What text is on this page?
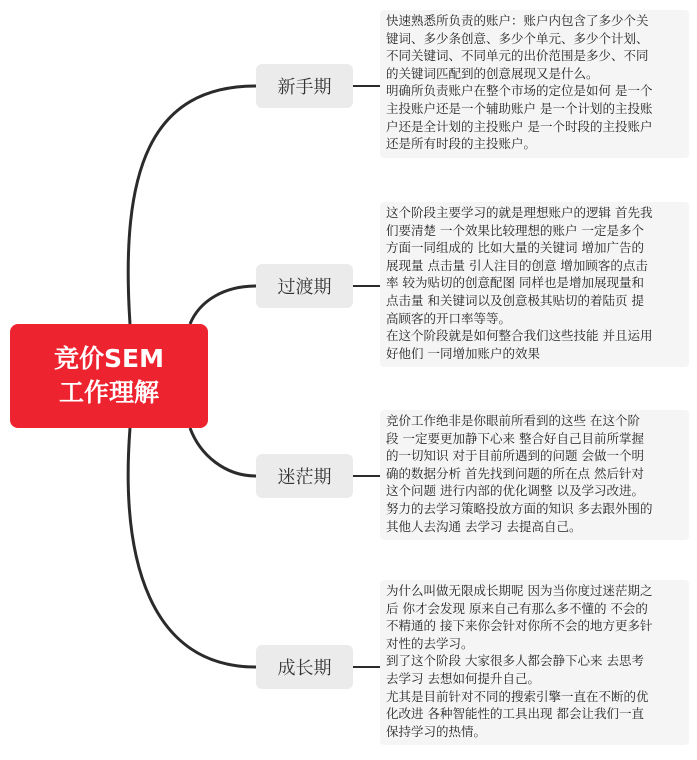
竞价SEM
工作理解
新手期

快速熟悉所负责的账户：账户内包含了多少个关
键词、多少条创意、多少个单元、多少个计划、
不同关键词、不同单元的出价范围是多少、不同
的关键词匹配到的创意展现又是什么。

明确所负责账户在整个市场的定位是如何 是一个
主投账户还是一个辅助账户 是一个计划的主投账
户还是全计划的主投账户 是一个时段的主投账户
还是所有时段的主投账户。

过渡期

这个阶段主要学习的就是理想账户的逻辑 首先我
们要清楚 一个效果比较理想的账户 一定是多个
方面一同组成的 比如大量的关键词 增加广告的
展现量 点击量 引人注目的创意 增加顾客的点击
率 较为贴切的创意配图 同样也是增加展现量和
点击量 和关键词以及创意极其贴切的着陆页 提
高顾客的开口率等等。

在这个阶段就是如何整合我们这些技能 并且运用
好他们 一同增加账户的效果

迷茫期

竞价工作绝非是你眼前所看到的这些 在这个阶
段 一定要更加静下心来 整合好自己目前所掌握
的一切知识 对于目前所遇到的问题 会做一个明
确的数据分析 首先找到问题的所在点 然后针对
这个问题 进行内部的优化调整 以及学习改进。

努力的去学习策略投放方面的知识 多去跟外围的
其他人去沟通 去学习 去提高自己。

成长期

为什么叫做无限成长期呢 因为当你度过迷茫期之
后 你才会发现 原来自己有那么多不懂的 不会的
不精通的 接下来你会针对你所不会的地方更多针
对性的去学习。

到了这个阶段 大家很多人都会静下心来 去思考
去学习 去想如何提升自己。

尤其是目前针对不同的搜索引擎一直在不断的优
化改进 各种智能性的工具出现 都会让我们一直
保持学习的热情。
